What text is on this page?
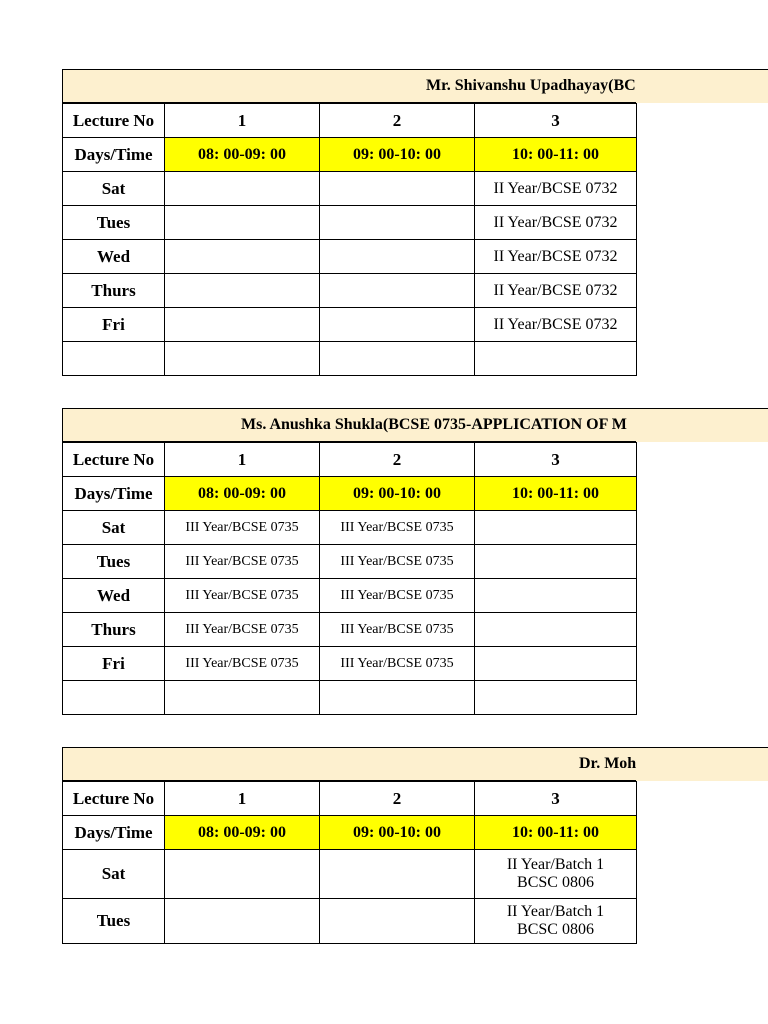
Mr. Shivanshu Upadhayay(BC
Lecture No	1	2	3
Days/Time	08: 00-09: 00	09: 00-10: 00	10: 00-11: 00
Sat			II Year/BCSE 0732
Tues			II Year/BCSE 0732
Wed			II Year/BCSE 0732
Thurs			II Year/BCSE 0732
Fri			II Year/BCSE 0732

Ms. Anushka Shukla(BCSE 0735-APPLICATION OF M
Lecture No	1	2	3
Days/Time	08: 00-09: 00	09: 00-10: 00	10: 00-11: 00
Sat	III Year/BCSE 0735	III Year/BCSE 0735	
Tues	III Year/BCSE 0735	III Year/BCSE 0735	
Wed	III Year/BCSE 0735	III Year/BCSE 0735	
Thurs	III Year/BCSE 0735	III Year/BCSE 0735	
Fri	III Year/BCSE 0735	III Year/BCSE 0735	

Dr. Moh
Lecture No	1	2	3
Days/Time	08: 00-09: 00	09: 00-10: 00	10: 00-11: 00
Sat			II Year/Batch 1
BCSC 0806
Tues			II Year/Batch 1
BCSC 0806
